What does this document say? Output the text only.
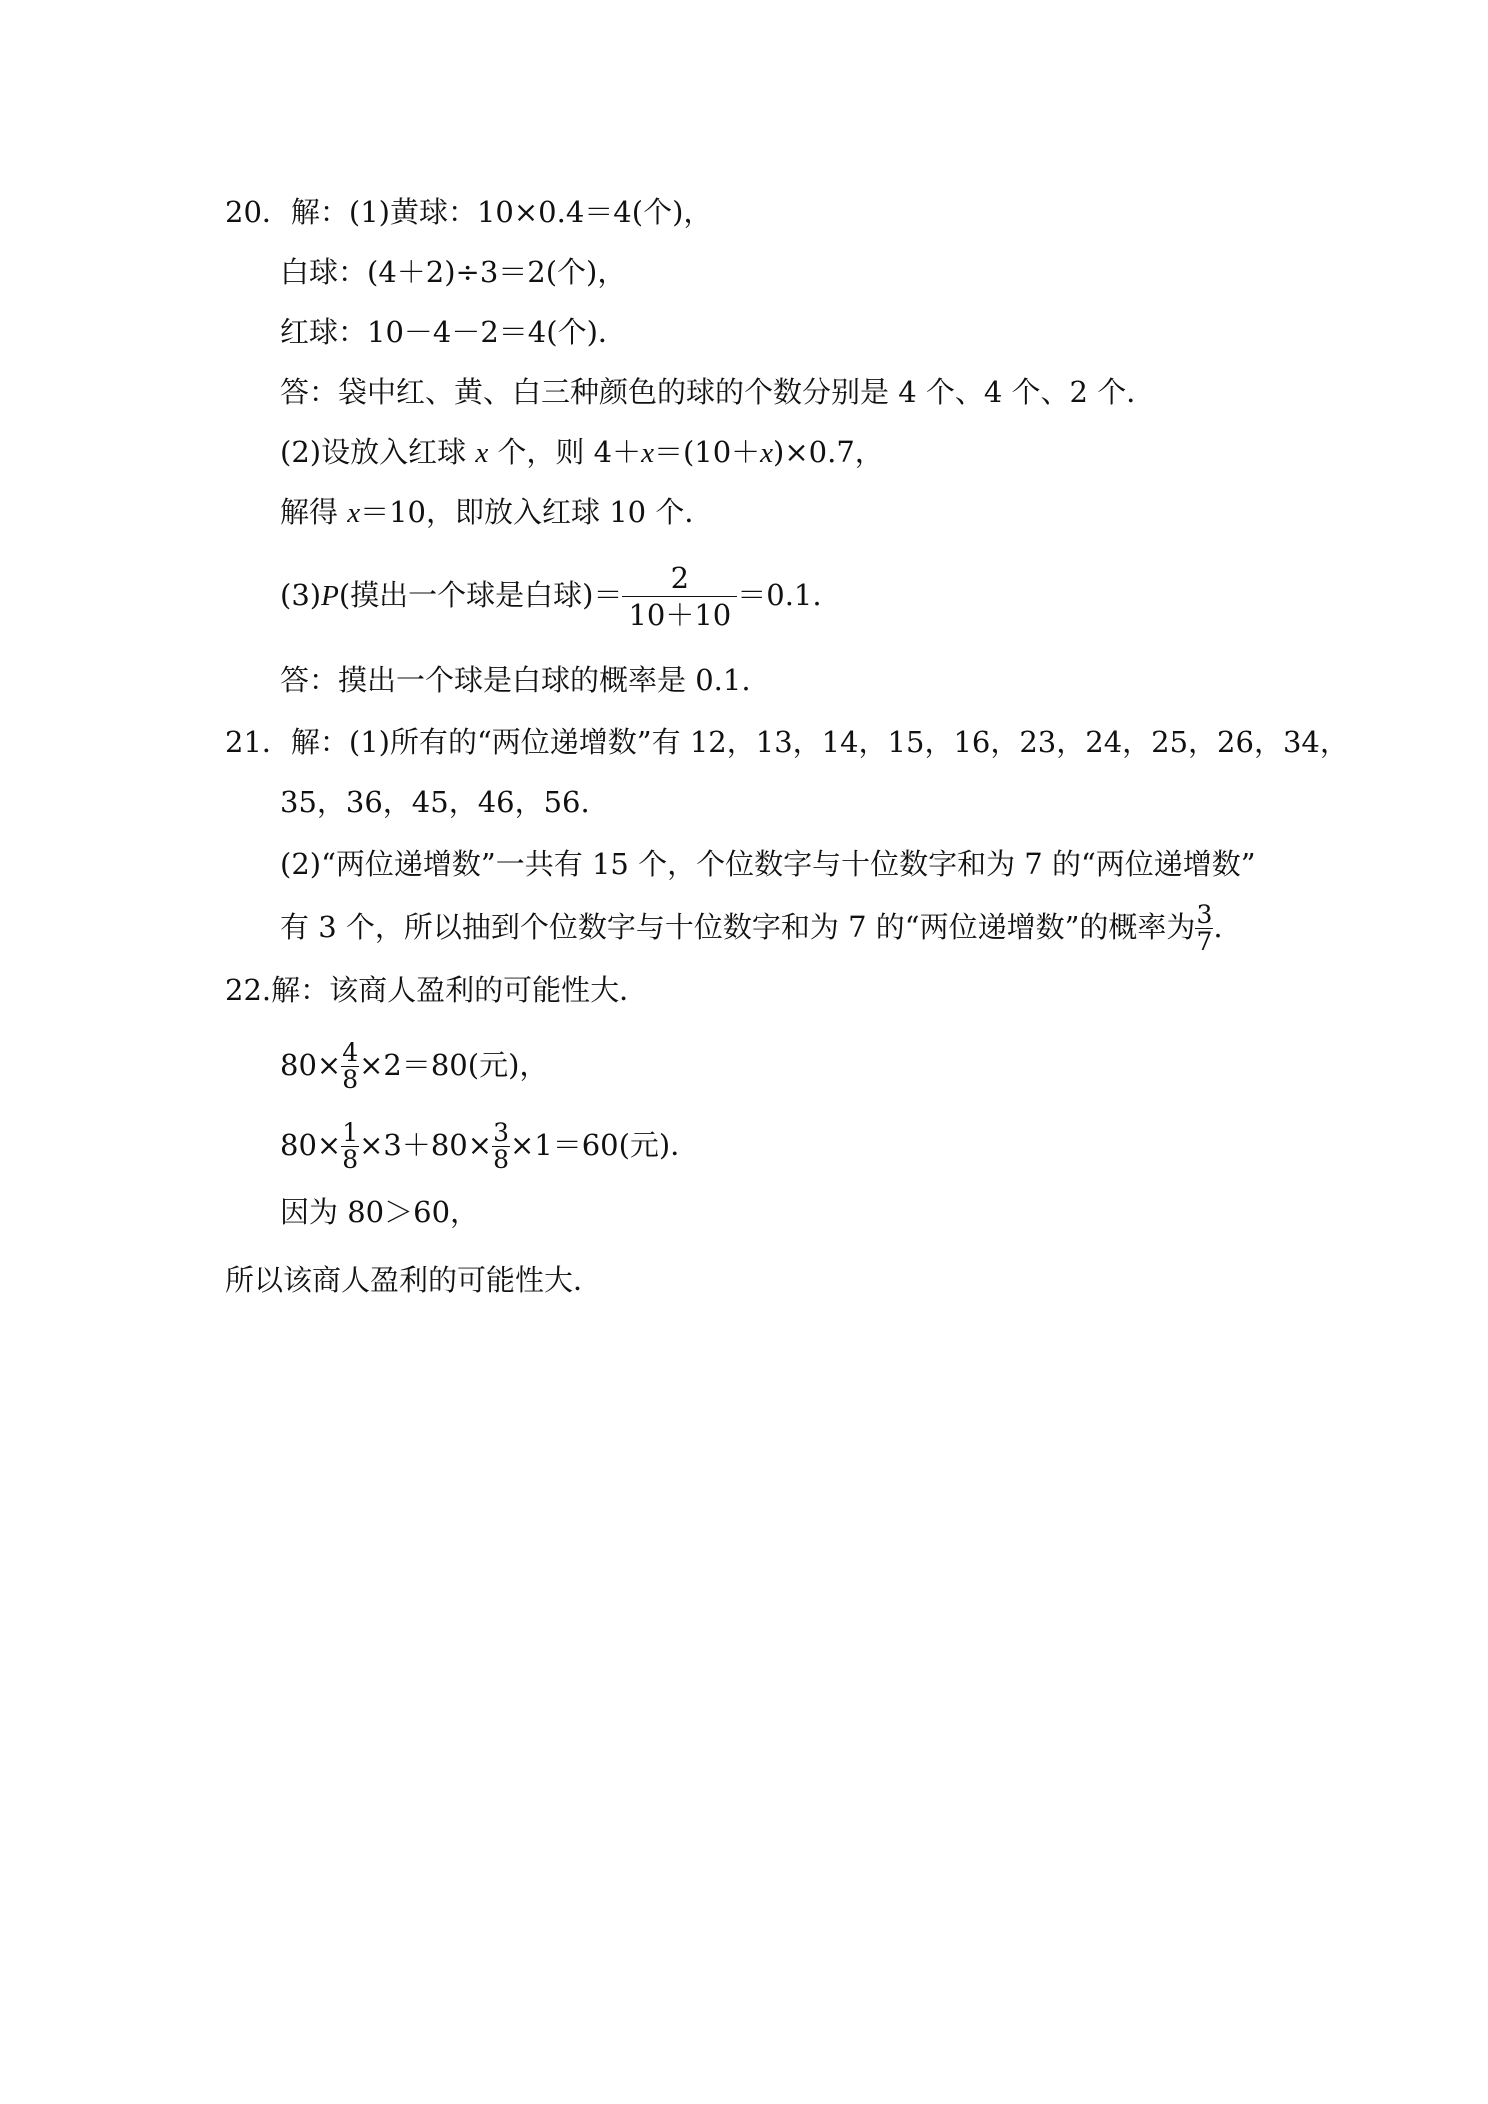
20．解：(1)黄球：10×0.4＝4(个)，
白球：(4＋2)÷3＝2(个)，
红球：10－4－2＝4(个)．
答：袋中红、黄、白三种颜色的球的个数分别是 4 个、4 个、2 个．
(2)设放入红球 x 个，则 4＋x＝(10＋x)×0.7，
解得 x＝10，即放入红球 10 个．
(3)P(摸出一个球是白球)＝ $\frac{2}{10+10} =0.1$.
答：摸出一个球是白球的概率是 0.1.
21．解：(1)所有的“两位递增数”有 12，13，14，15，16，23，24，25，26，34，
35，36，45，46，56.
(2)“两位递增数”一共有 15 个，个位数字与十位数字和为 7 的“两位递增数”
有 3 个，所以抽到个位数字与十位数字和为 7 的“两位递增数”的概率为 $\frac{3}{7}$ .
22.解：该商人盈利的可能性大．
$80\times \frac{4}{8} \times 2=80$(元)，
$80\times \frac{1}{8} \times 3+80\times \frac{3}{8} \times 1=60$(元)．
因为 80＞60，
所以该商人盈利的可能性大．
